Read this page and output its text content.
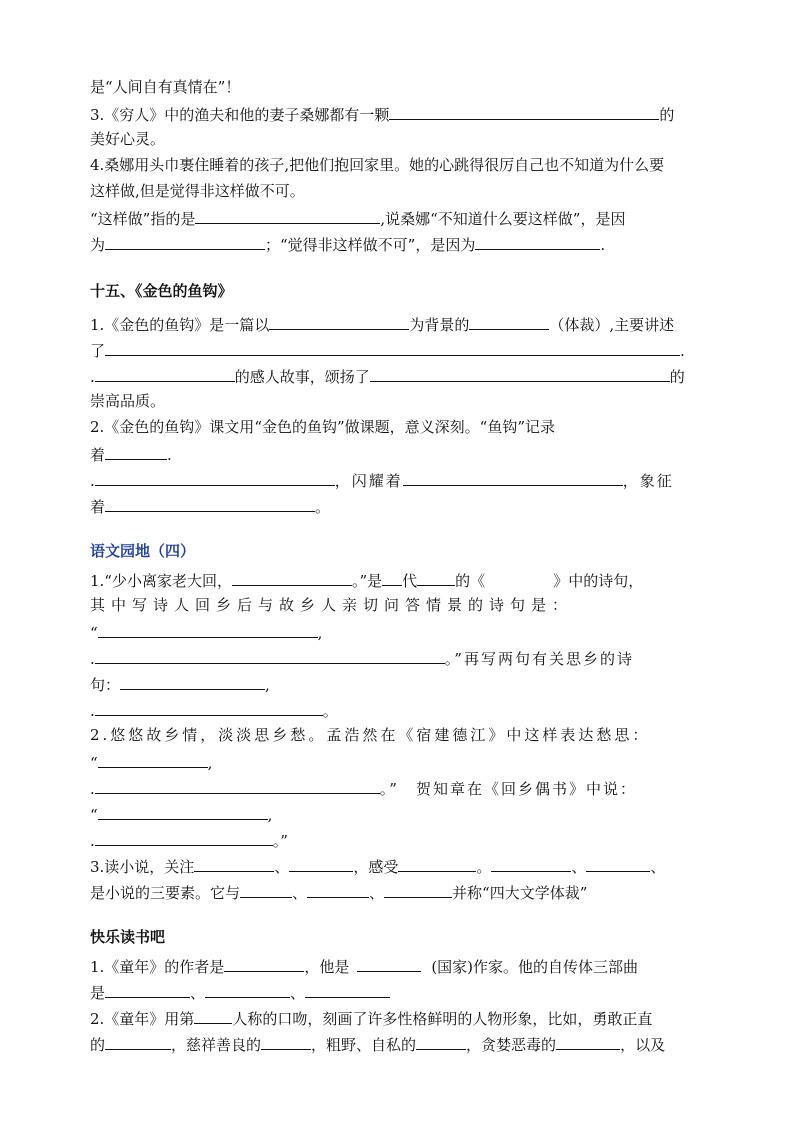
是“人间自有真情在”！
3.《穷人》中的渔夫和他的妻子桑娜都有一颗	的
美好心灵。
4.桑娜用头巾裹住睡着的孩子,把他们抱回家里。她的心跳得很厉自己也不知道为什么要
这样做,但是觉得非这样做不可。
“这样做”指的是	,说桑娜“不知道什么要这样做”，是因
为	；“觉得非这样做不可”，是因为	.
十五、《金色的鱼钩》
1.《金色的鱼钩》是一篇以	为背景的	（体裁）,主要讲述
了	.
.	的感人故事，颂扬了	的
崇高品质。
2.《金色的鱼钩》课文用“金色的鱼钩”做课题，意义深刻。“鱼钩”记录
着	.
.	，闪耀着	，象征
着	。
语文园地（四）
1.“少小离家老大回，	。”是 代	的《	》中的诗句，
其中写诗人回乡后与故乡人亲切问答情景的诗句是：
“	,
.	。”再写两句有关思乡的诗
句：	,
.	。
2.悠悠故乡情，淡淡思乡愁。孟浩然在《宿建德江》中这样表达愁思：
“	,
.	。”　贺知章在《回乡偶书》中说：
“	,
.	。”
3.读小说，关注	、	，感受	。	、	、
是小说的三要素。它与	、	、	并称“四大文学体裁”
快乐读书吧
1.《童年》的作者是	，他是	(国家)作家。他的自传体三部曲
是	、	、
2.《童年》用第	人称的口吻，刻画了许多性格鲜明的人物形象，比如，勇敢正直
的	，慈祥善良的	，粗野、自私的	，贪婪恶毒的	，以及
